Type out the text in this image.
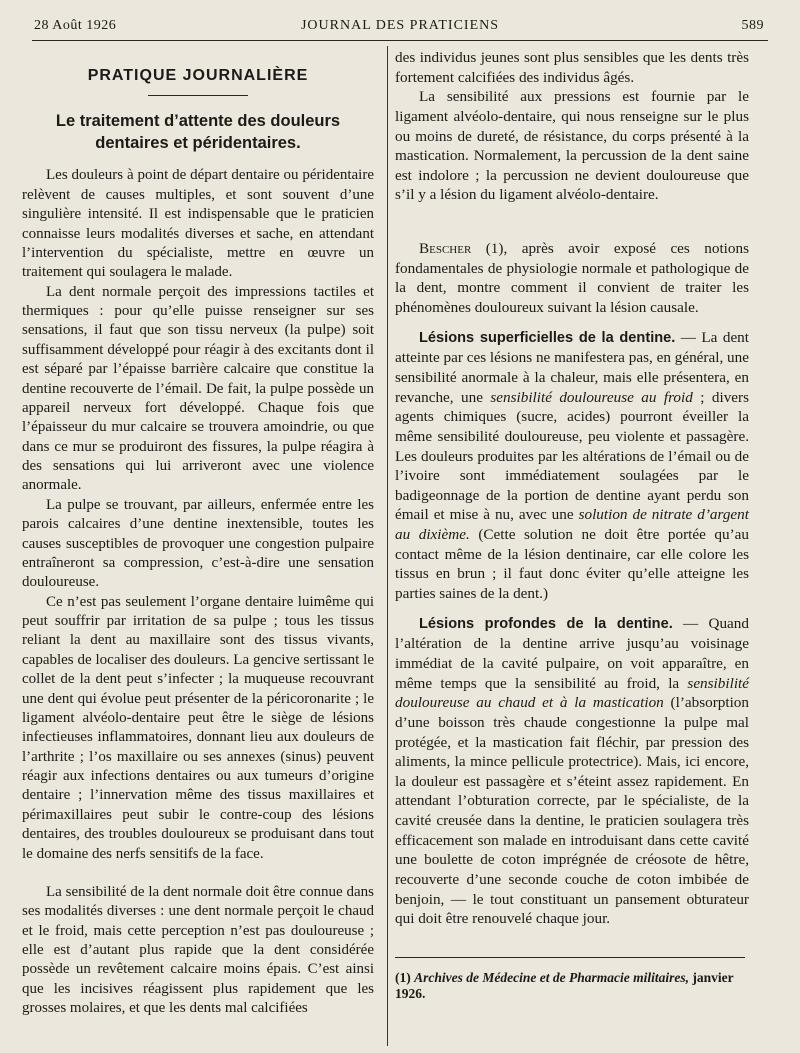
28 Août 1926	JOURNAL DES PRATICIENS	589
PRATIQUE JOURNALIÈRE
Le traitement d’attente des douleurs dentaires et péridentaires.

Les douleurs à point de départ dentaire ou péridentaire relèvent de causes multiples, et sont souvent d’une singulière intensité. Il est indispensable que le praticien connaisse leurs modalités diverses et sache, en attendant l’intervention du spécialiste, mettre en œuvre un traitement qui soulagera le malade.

La dent normale perçoit des impressions tactiles et thermiques : pour qu’elle puisse renseigner sur ses sensations, il faut que son tissu nerveux (la pulpe) soit suffisamment développé pour réagir à des excitants dont il est séparé par l’épaisse barrière calcaire que constitue la dentine recouverte de l’émail. De fait, la pulpe possède un appareil nerveux fort développé. Chaque fois que l’épaisseur du mur calcaire se trouvera amoindrie, ou que dans ce mur se produiront des fissures, la pulpe réagira à des sensations qui lui arriveront avec une violence anormale.

La pulpe se trouvant, par ailleurs, enfermée entre les parois calcaires d’une dentine inextensible, toutes les causes susceptibles de provoquer une congestion pulpaire entraîneront sa compression, c’est-à-dire une sensation douloureuse.

Ce n’est pas seulement l’organe dentaire luimême qui peut souffrir par irritation de sa pulpe ; tous les tissus reliant la dent au maxillaire sont des tissus vivants, capables de localiser des douleurs. La gencive sertissant le collet de la dent peut s’infecter ; la muqueuse recouvrant une dent qui évolue peut présenter de la péricoronarite ; le ligament alvéolo-dentaire peut être le siège de lésions infectieuses inflammatoires, donnant lieu aux douleurs de l’arthrite ; l’os maxillaire ou ses annexes (sinus) peuvent réagir aux infections dentaires ou aux tumeurs d’origine dentaire ; l’innervation même des tissus maxillaires et périmaxillaires peut subir le contre-coup des lésions dentaires, des troubles douloureux se produisant dans tout le domaine des nerfs sensitifs de la face.

La sensibilité de la dent normale doit être connue dans ses modalités diverses : une dent normale perçoit le chaud et le froid, mais cette perception n’est pas douloureuse ; elle est d’autant plus rapide que la dent considérée possède un revêtement calcaire moins épais. C’est ainsi que les incisives réagissent plus rapidement que les grosses molaires, et que les dents mal calcifiées

des individus jeunes sont plus sensibles que les dents très fortement calcifiées des individus âgés.

La sensibilité aux pressions est fournie par le ligament alvéolo-dentaire, qui nous renseigne sur le plus ou moins de dureté, de résistance, du corps présenté à la mastication. Normalement, la percussion de la dent saine est indolore ; la percussion ne devient douloureuse que s’il y a lésion du ligament alvéolo-dentaire.

Bescher (1), après avoir exposé ces notions fondamentales de physiologie normale et pathologique de la dent, montre comment il convient de traiter les phénomènes douloureux suivant la lésion causale.

Lésions superficielles de la dentine. — La dent atteinte par ces lésions ne manifestera pas, en général, une sensibilité anormale à la chaleur, mais elle présentera, en revanche, une sensibilité douloureuse au froid ; divers agents chimiques (sucre, acides) pourront éveiller la même sensibilité douloureuse, peu violente et passagère. Les douleurs produites par les altérations de l’émail ou de l’ivoire sont immédiatement soulagées par le badigeonnage de la portion de dentine ayant perdu son émail et mise à nu, avec une solution de nitrate d’argent au dixième. (Cette solution ne doit être portée qu’au contact même de la lésion dentinaire, car elle colore les tissus en brun ; il faut donc éviter qu’elle atteigne les parties saines de la dent.)

Lésions profondes de la dentine. — Quand l’altération de la dentine arrive jusqu’au voisinage immédiat de la cavité pulpaire, on voit apparaître, en même temps que la sensibilité au froid, la sensibilité douloureuse au chaud et à la mastication (l’absorption d’une boisson très chaude congestionne la pulpe mal protégée, et la mastication fait fléchir, par pression des aliments, la mince pellicule protectrice). Mais, ici encore, la douleur est passagère et s’éteint assez rapidement. En attendant l’obturation correcte, par le spécialiste, de la cavité creusée dans la dentine, le praticien soulagera très efficacement son malade en introduisant dans cette cavité une boulette de coton imprégnée de créosote de hêtre, recouverte d’une seconde couche de coton imbibée de benjoin, — le tout constituant un pansement obturateur qui doit être renouvelé chaque jour.

(1) Archives de Médecine et de Pharmacie militaires, janvier 1926.
